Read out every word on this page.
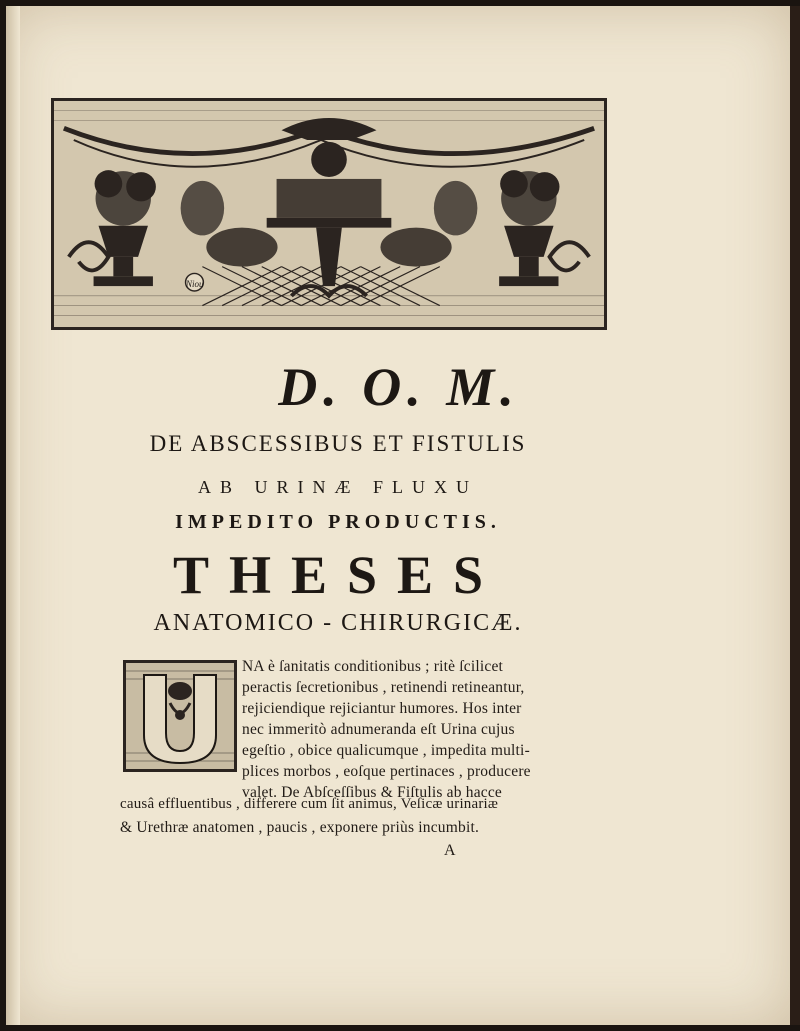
Niou
D. O. M.
DE ABSCESSIBUS ET FISTULIS
AB URINÆ FLUXU
IMPEDITO PRODUCTIS.
THESES
ANATOMICO - CHIRURGICÆ.
NA è ſanitatis conditionibus ; ritè ſcilicet
peractis ſecretionibus , retinendi retineantur,
rejiciendique rejiciantur humores. Hos inter
nec immeritò adnumeranda eſt Urina cujus
egeſtio , obice qualicumque , impedita multi-
plices morbos , eoſque pertinaces , producere
valet. De Abſceſſibus & Fiſtulis ab hacce
causâ effluentibus , differere cum ſit animus, Veſicæ urinariæ
& Urethræ anatomen , paucis , exponere priùs incumbit.
A
